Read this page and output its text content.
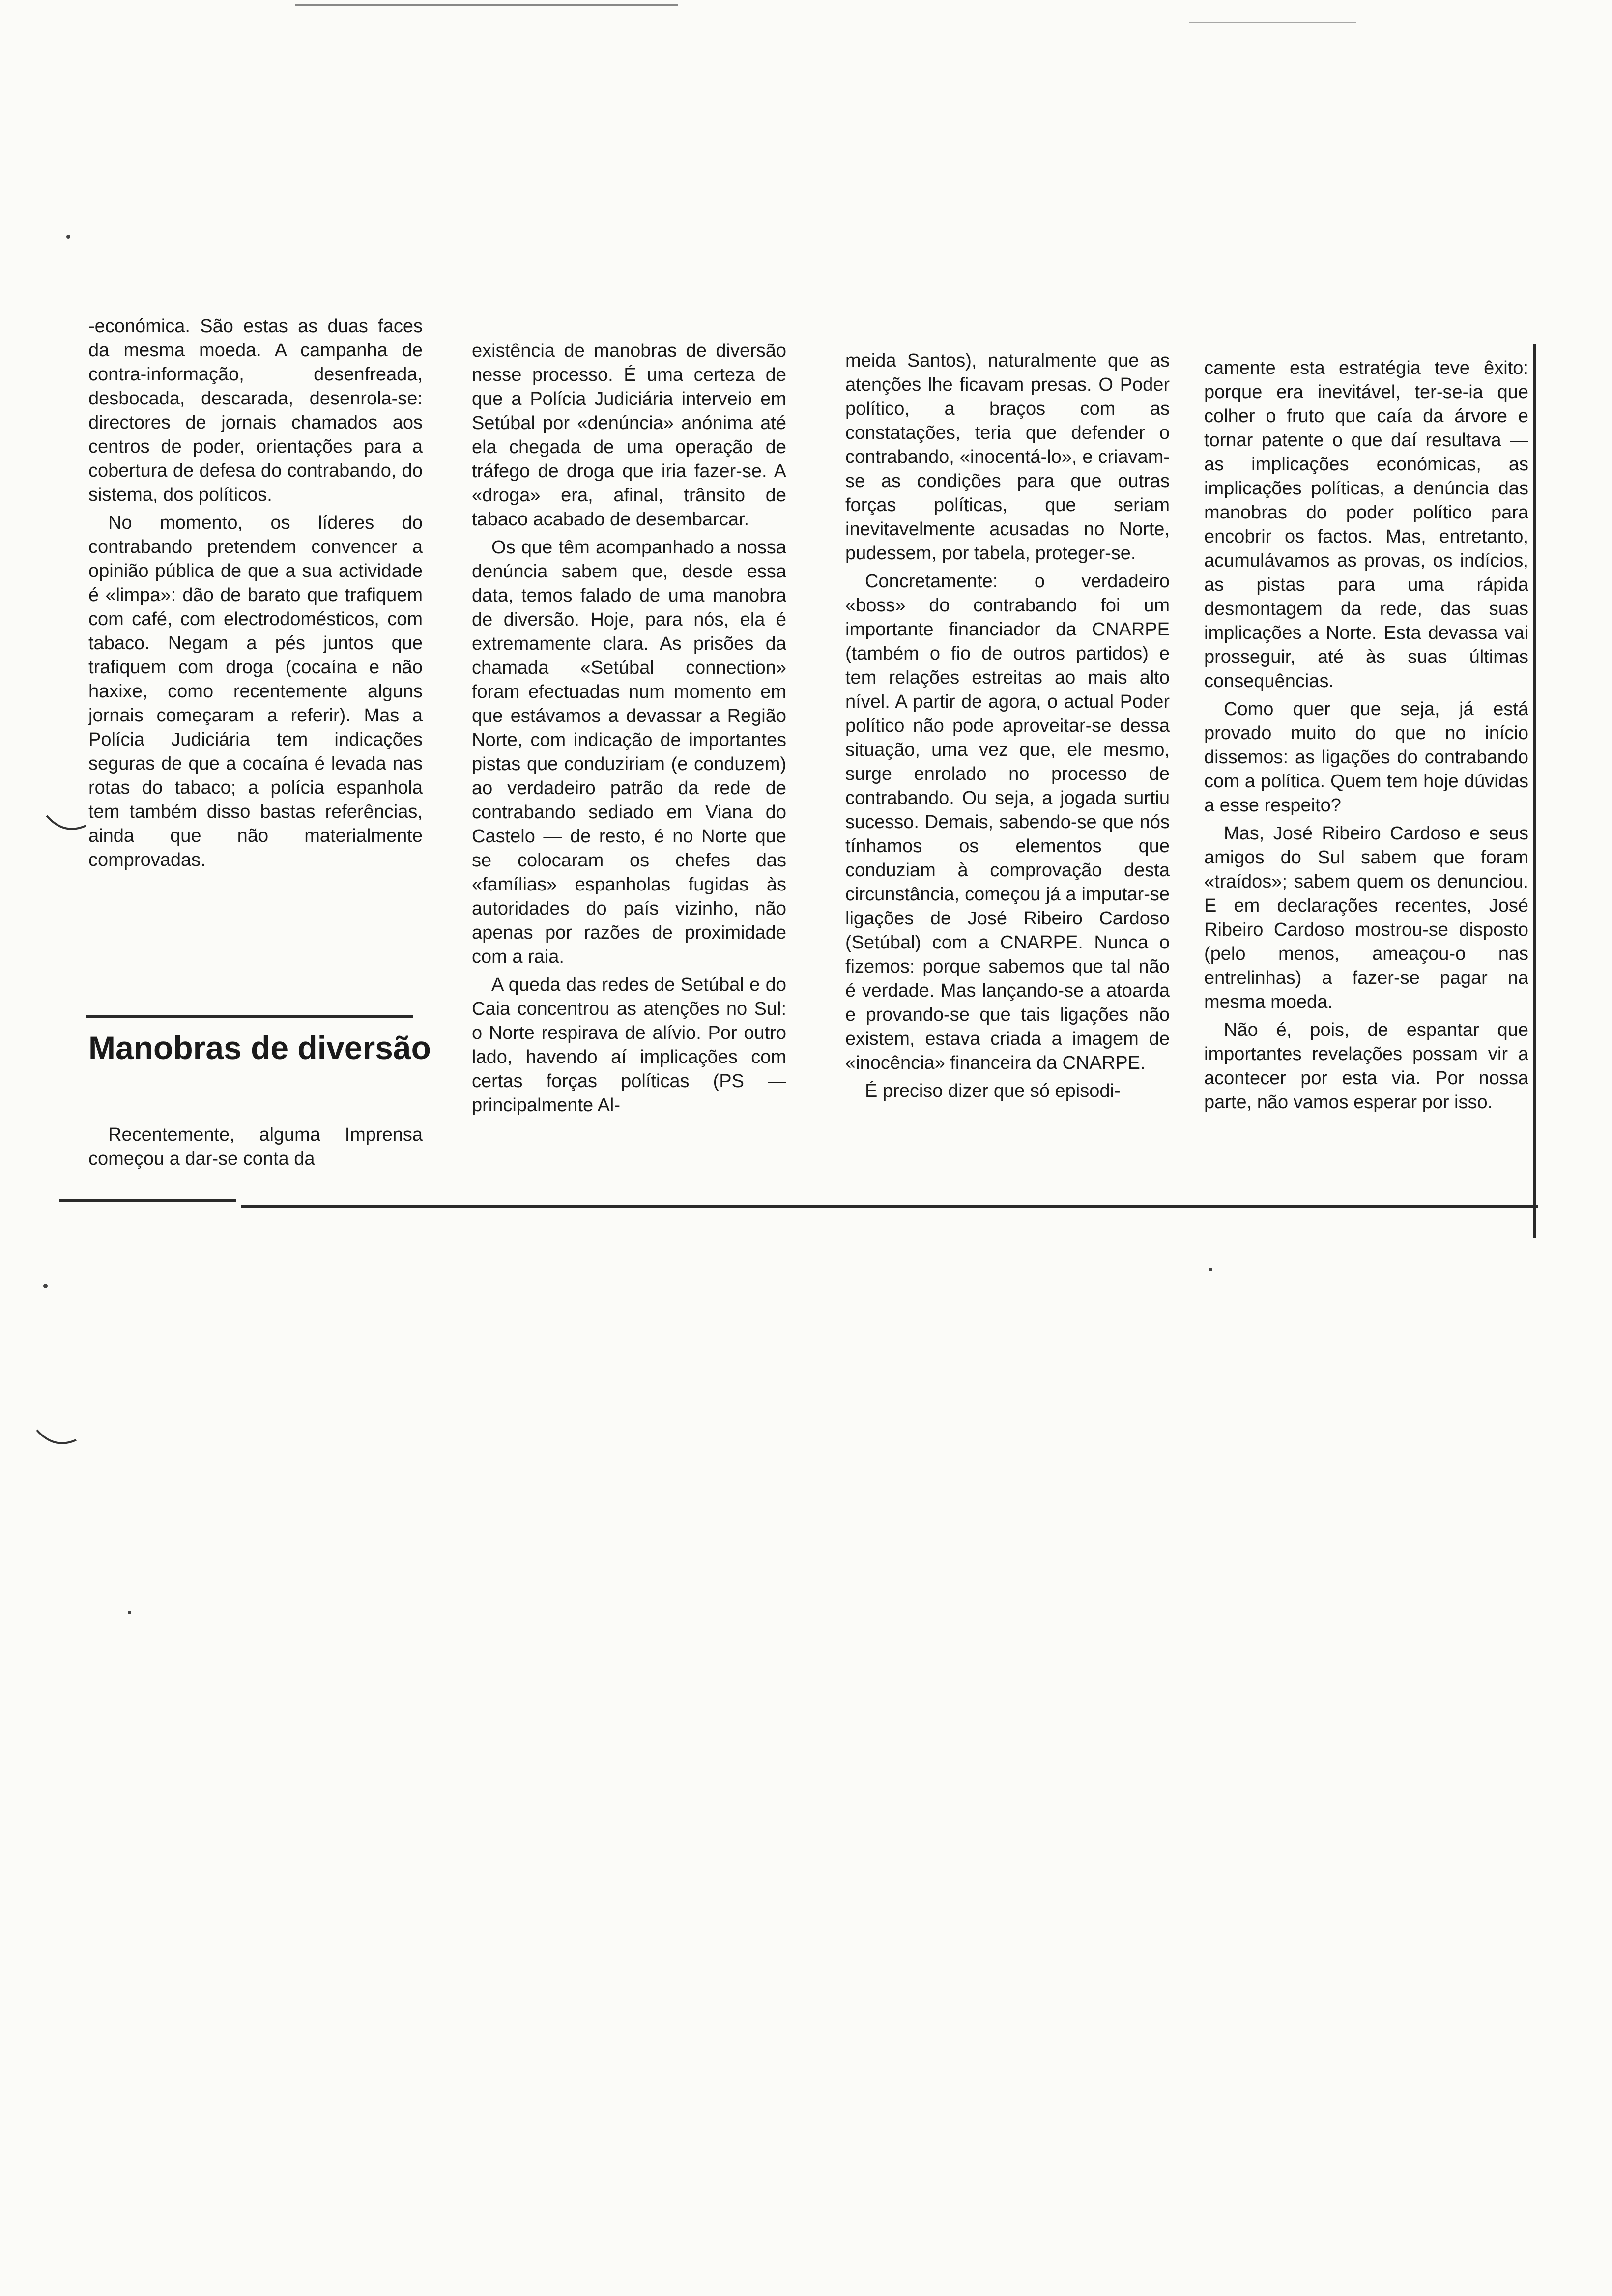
-económica. São estas as duas faces da mesma moeda. A campanha de contra-informação, desenfreada, desbocada, descarada, desenrola-se: directores de jornais chamados aos centros de poder, orientações para a cobertura de defesa do contrabando, do sistema, dos políticos.

No momento, os líderes do contrabando pretendem convencer a opinião pública de que a sua actividade é «limpa»: dão de barato que trafiquem com café, com electrodomésticos, com tabaco. Negam a pés juntos que trafiquem com droga (cocaína e não haxixe, como recentemente alguns jornais começaram a referir). Mas a Polícia Judiciária tem indicações seguras de que a cocaína é levada nas rotas do tabaco; a polícia espanhola tem também disso bastas referências, ainda que não materialmente comprovadas.

Manobras de diversão

Recentemente, alguma Imprensa começou a dar-se conta da

existência de manobras de diversão nesse processo. É uma certeza de que a Polícia Judiciária interveio em Setúbal por «denúncia» anónima até ela chegada de uma operação de tráfego de droga que iria fazer-se. A «droga» era, afinal, trânsito de tabaco acabado de desembarcar.

Os que têm acompanhado a nossa denúncia sabem que, desde essa data, temos falado de uma manobra de diversão. Hoje, para nós, ela é extremamente clara. As prisões da chamada «Setúbal connection» foram efectuadas num momento em que estávamos a devassar a Região Norte, com indicação de importantes pistas que conduziriam (e conduzem) ao verdadeiro patrão da rede de contrabando sediado em Viana do Castelo — de resto, é no Norte que se colocaram os chefes das «famílias» espanholas fugidas às autoridades do país vizinho, não apenas por razões de proximidade com a raia.

A queda das redes de Setúbal e do Caia concentrou as atenções no Sul: o Norte respirava de alívio. Por outro lado, havendo aí implicações com certas forças políticas (PS — principalmente Al-

meida Santos), naturalmente que as atenções lhe ficavam presas. O Poder político, a braços com as constatações, teria que defender o contrabando, «inocentá-lo», e criavam-se as condições para que outras forças políticas, que seriam inevitavelmente acusadas no Norte, pudessem, por tabela, proteger-se.

Concretamente: o verdadeiro «boss» do contrabando foi um importante financiador da CNARPE (também o fio de outros partidos) e tem relações estreitas ao mais alto nível. A partir de agora, o actual Poder político não pode aproveitar-se dessa situação, uma vez que, ele mesmo, surge enrolado no processo de contrabando. Ou seja, a jogada surtiu sucesso. Demais, sabendo-se que nós tínhamos os elementos que conduziam à comprovação desta circunstância, começou já a imputar-se ligações de José Ribeiro Cardoso (Setúbal) com a CNARPE. Nunca o fizemos: porque sabemos que tal não é verdade. Mas lançando-se a atoarda e provando-se que tais ligações não existem, estava criada a imagem de «inocência» financeira da CNARPE.

É preciso dizer que só episodi-

camente esta estratégia teve êxito: porque era inevitável, ter-se-ia que colher o fruto que caía da árvore e tornar patente o que daí resultava — as implicações económicas, as implicações políticas, a denúncia das manobras do poder político para encobrir os factos. Mas, entretanto, acumulávamos as provas, os indícios, as pistas para uma rápida desmontagem da rede, das suas implicações a Norte. Esta devassa vai prosseguir, até às suas últimas consequências.

Como quer que seja, já está provado muito do que no início dissemos: as ligações do contrabando com a política. Quem tem hoje dúvidas a esse respeito?

Mas, José Ribeiro Cardoso e seus amigos do Sul sabem que foram «traídos»; sabem quem os denunciou. E em declarações recentes, José Ribeiro Cardoso mostrou-se disposto (pelo menos, ameaçou-o nas entrelinhas) a fazer-se pagar na mesma moeda.

Não é, pois, de espantar que importantes revelações possam vir a acontecer por esta via. Por nossa parte, não vamos esperar por isso.
